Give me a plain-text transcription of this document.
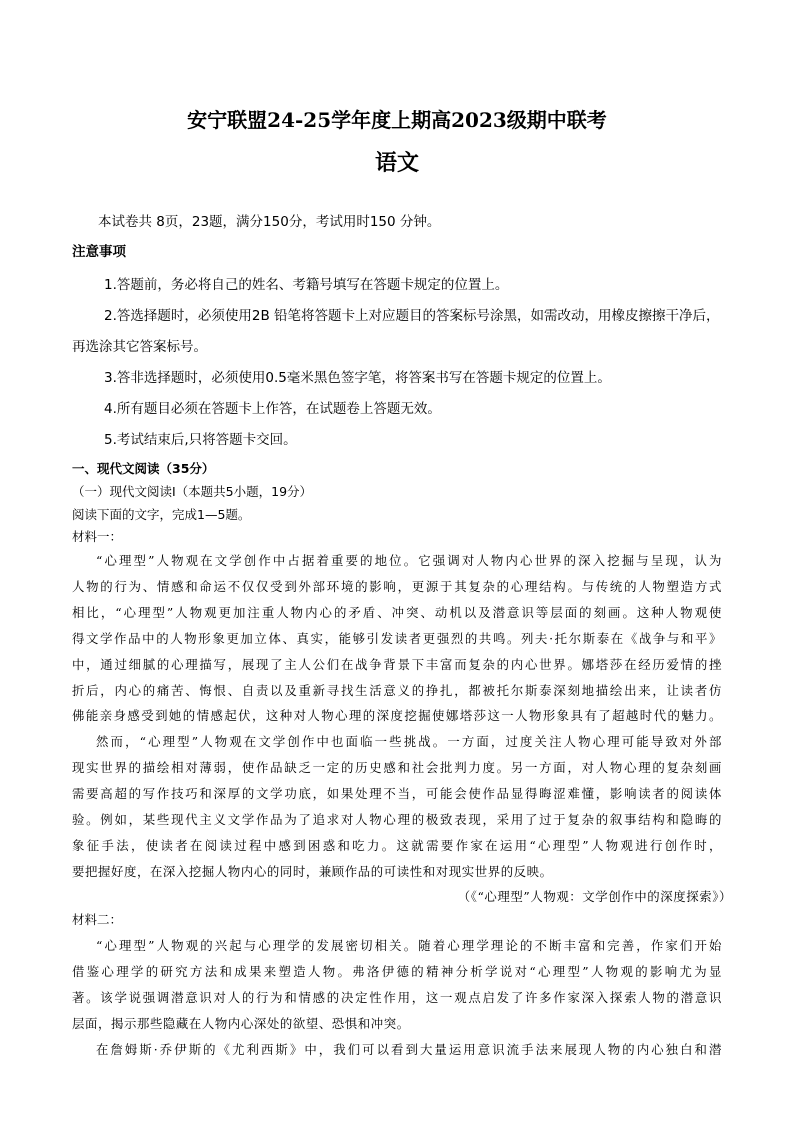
安宁联盟24-25学年度上期高2023级期中联考
语文
本试卷共 8页，23题，满分150分，考试用时150 分钟。
注意事项
1.答题前，务必将自己的姓名、考籍号填写在答题卡规定的位置上。
2.答选择题时，必须使用2B 铅笔将答题卡上对应题目的答案标号涂黑，如需改动，用橡皮擦擦干净后，
再选涂其它答案标号。
3.答非选择题时，必须使用0.5毫米黑色签字笔，将答案书写在答题卡规定的位置上。
4.所有题目必须在答题卡上作答，在试题卷上答题无效。
5.考试结束后,只将答题卡交回。
一、现代文阅读（35分）
（一）现代文阅读Ⅰ（本题共5小题，19分）
阅读下面的文字，完成1—5题。
材料一：
“心理型”人物观在文学创作中占据着重要的地位。它强调对人物内心世界的深入挖掘与呈现，认为
人物的行为、情感和命运不仅仅受到外部环境的影响，更源于其复杂的心理结构。与传统的人物塑造方式
相比，“心理型”人物观更加注重人物内心的矛盾、冲突、动机以及潜意识等层面的刻画。这种人物观使
得文学作品中的人物形象更加立体、真实，能够引发读者更强烈的共鸣。列夫·托尔斯泰在《战争与和平》
中，通过细腻的心理描写，展现了主人公们在战争背景下丰富而复杂的内心世界。娜塔莎在经历爱情的挫
折后，内心的痛苦、悔恨、自责以及重新寻找生活意义的挣扎，都被托尔斯泰深刻地描绘出来，让读者仿
佛能亲身感受到她的情感起伏，这种对人物心理的深度挖掘使娜塔莎这一人物形象具有了超越时代的魅力。
然而，“心理型”人物观在文学创作中也面临一些挑战。一方面，过度关注人物心理可能导致对外部
现实世界的描绘相对薄弱，使作品缺乏一定的历史感和社会批判力度。另一方面，对人物心理的复杂刻画
需要高超的写作技巧和深厚的文学功底，如果处理不当，可能会使作品显得晦涩难懂，影响读者的阅读体
验。例如，某些现代主义文学作品为了追求对人物心理的极致表现，采用了过于复杂的叙事结构和隐晦的
象征手法，使读者在阅读过程中感到困惑和吃力。这就需要作家在运用“心理型”人物观进行创作时，
要把握好度，在深入挖掘人物内心的同时，兼顾作品的可读性和对现实世界的反映。
（《“心理型”人物观：文学创作中的深度探索》）
材料二：
“心理型”人物观的兴起与心理学的发展密切相关。随着心理学理论的不断丰富和完善，作家们开始
借鉴心理学的研究方法和成果来塑造人物。弗洛伊德的精神分析学说对“心理型”人物观的影响尤为显
著。该学说强调潜意识对人的行为和情感的决定性作用，这一观点启发了许多作家深入探索人物的潜意识
层面，揭示那些隐藏在人物内心深处的欲望、恐惧和冲突。
在詹姆斯·乔伊斯的《尤利西斯》中，我们可以看到大量运用意识流手法来展现人物的内心独白和潜
